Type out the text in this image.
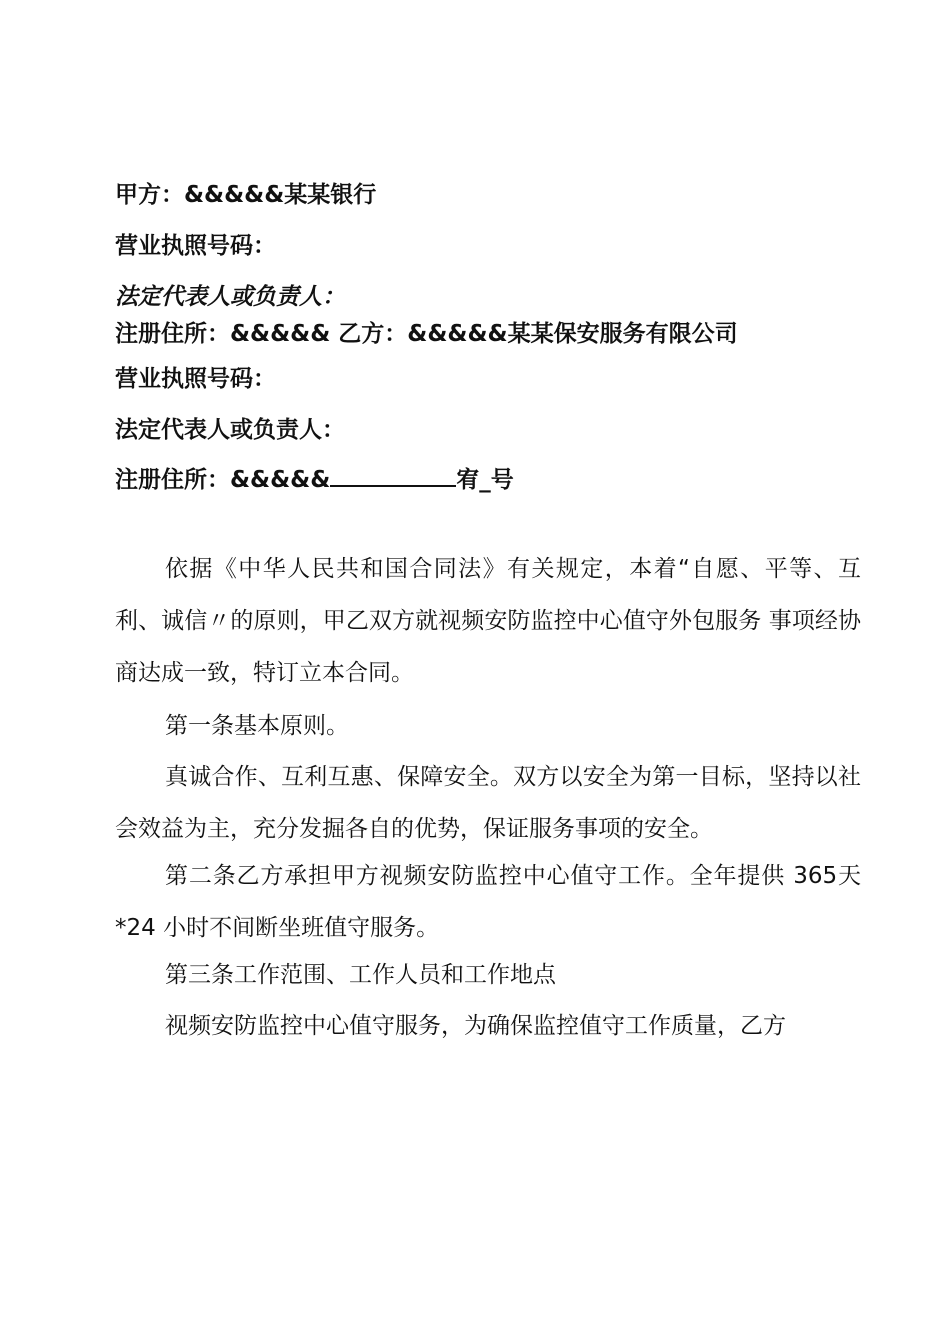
甲方：&&&&&某某银行
营业执照号码：
法定代表人或负责人：
注册住所：&&&&& 乙方：&&&&&某某保安服务有限公司
营业执照号码：
法定代表人或负责人：
注册住所：&&&&&	宥_号

依据《中华人民共和国合同法》有关规定，本着“自愿、平等、互利、诚信〃的原则，甲乙双方就视频安防监控中心值守外包服务 事项经协商达成一致，特订立本合同。

第一条基本原则。

真诚合作、互利互惠、保障安全。双方以安全为第一目标，坚持以社会效益为主，充分发掘各自的优势，保证服务事项的安全。

第二条乙方承担甲方视频安防监控中心值守工作。全年提供 365天*24 小时不间断坐班值守服务。

第三条工作范围、工作人员和工作地点
视频安防监控中心值守服务，为确保监控值守工作质量，乙方
